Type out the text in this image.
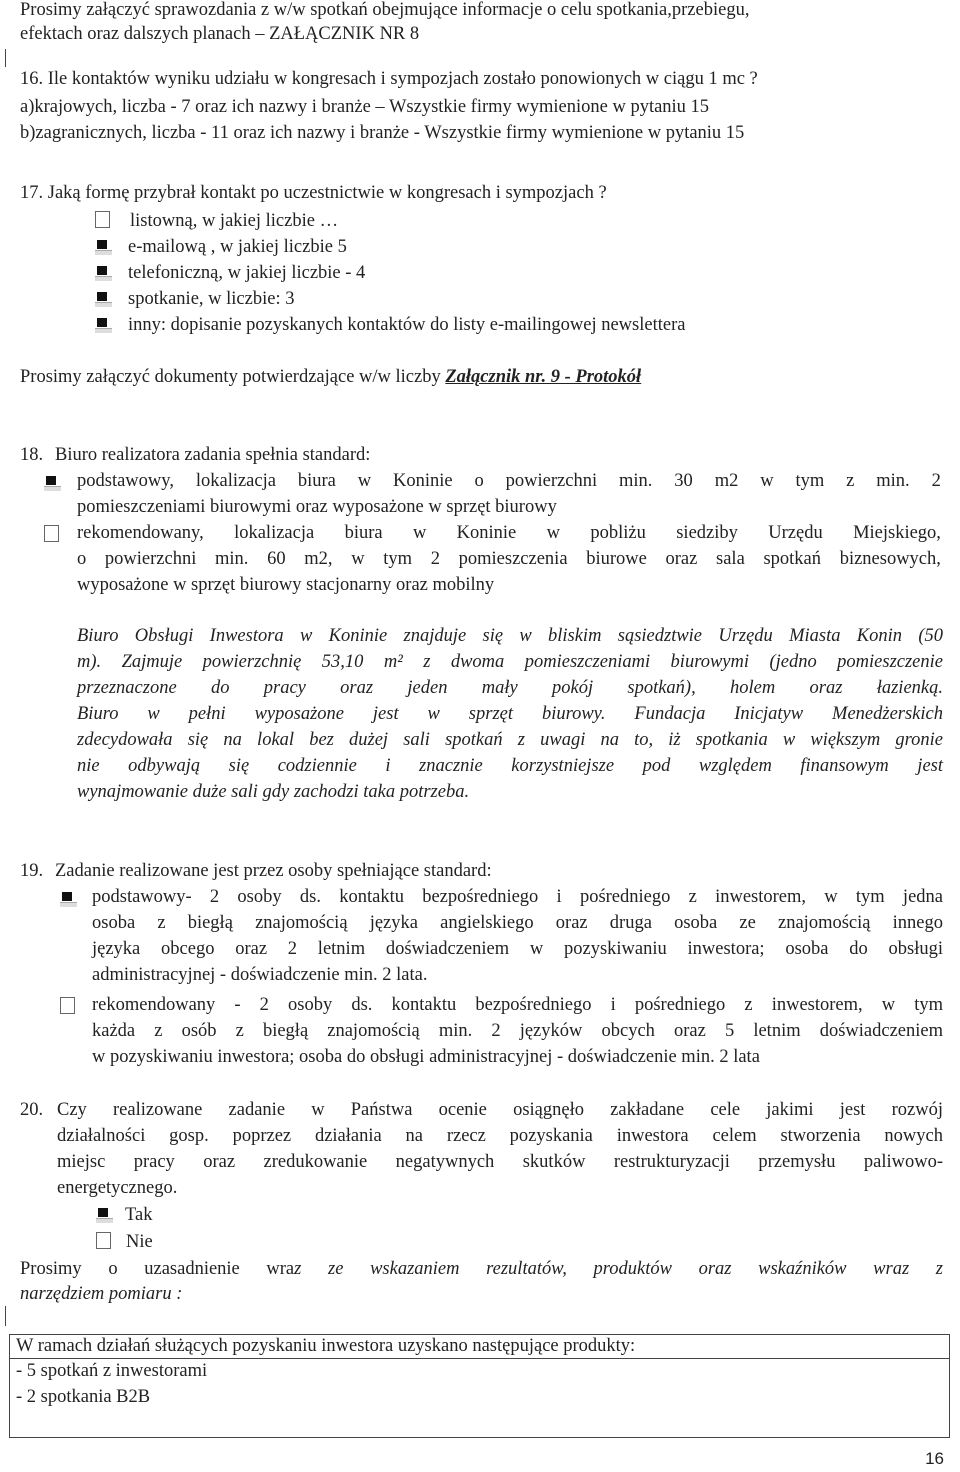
Prosimy załączyć sprawozdania z w/w spotkań obejmujące informacje o celu spotkania,przebiegu,
efektach oraz dalszych planach – ZAŁĄCZNIK NR 8
16. Ile kontaktów wyniku udziału w kongresach i sympozjach zostało ponowionych w ciągu 1 mc ?
a)krajowych, liczba - 7 oraz ich nazwy i branże – Wszystkie firmy wymienione w pytaniu 15
b)zagranicznych, liczba - 11 oraz ich nazwy i branże - Wszystkie firmy wymienione w pytaniu 15
17. Jaką formę przybrał kontakt po uczestnictwie w kongresach i sympozjach ?
listowną, w jakiej liczbie …
e-mailową , w jakiej liczbie 5
telefoniczną, w jakiej liczbie - 4
spotkanie, w liczbie: 3
inny: dopisanie pozyskanych kontaktów do listy e-mailingowej newslettera
Prosimy załączyć dokumenty potwierdzające w/w liczby Załącznik nr. 9 - Protokół
18. Biuro realizatora zadania spełnia standard:
podstawowy, lokalizacja biura w Koninie o powierzchni min. 30 m2 w tym z min. 2
pomieszczeniami biurowymi oraz wyposażone w sprzęt biurowy
rekomendowany, lokalizacja biura w Koninie w pobliżu siedziby Urzędu Miejskiego,
o powierzchni min. 60 m2, w tym 2 pomieszczenia biurowe oraz sala spotkań biznesowych,
wyposażone w sprzęt biurowy stacjonarny oraz mobilny
Biuro Obsługi Inwestora w Koninie znajduje się w bliskim sąsiedztwie Urzędu Miasta Konin (50
m). Zajmuje powierzchnię 53,10 m² z dwoma pomieszczeniami biurowymi (jedno pomieszczenie
przeznaczone do pracy oraz jeden mały pokój spotkań), holem oraz łazienką.
Biuro w pełni wyposażone jest w sprzęt biurowy. Fundacja Inicjatyw Menedżerskich
zdecydowała się na lokal bez dużej sali spotkań z uwagi na to, iż spotkania w większym gronie
nie odbywają się codziennie i znacznie korzystniejsze pod względem finansowym jest
wynajmowanie duże sali gdy zachodzi taka potrzeba.
19. Zadanie realizowane jest przez osoby spełniające standard:
podstawowy- 2 osoby ds. kontaktu bezpośredniego i pośredniego z inwestorem, w tym jedna
osoba z biegłą znajomością języka angielskiego oraz druga osoba ze znajomością innego
języka obcego oraz 2 letnim doświadczeniem w pozyskiwaniu inwestora; osoba do obsługi
administracyjnej - doświadczenie min. 2 lata.
rekomendowany - 2 osoby ds. kontaktu bezpośredniego i pośredniego z inwestorem, w tym
każda z osób z biegłą znajomością min. 2 języków obcych oraz 5 letnim doświadczeniem
w pozyskiwaniu inwestora; osoba do obsługi administracyjnej - doświadczenie min. 2 lata
20. Czy realizowane zadanie w Państwa ocenie osiągnęło zakładane cele jakimi jest rozwój
działalności gosp. poprzez działania na rzecz pozyskania inwestora celem stworzenia nowych
miejsc pracy oraz zredukowanie negatywnych skutków restrukturyzacji przemysłu paliwowo-
energetycznego.
Tak
Nie
Prosimy o uzasadnienie wraz ze wskazaniem rezultatów, produktów oraz wskaźników wraz z
narzędziem pomiaru :
W ramach działań służących pozyskaniu inwestora uzyskano następujące produkty:
- 5 spotkań z inwestorami
- 2 spotkania B2B
16
